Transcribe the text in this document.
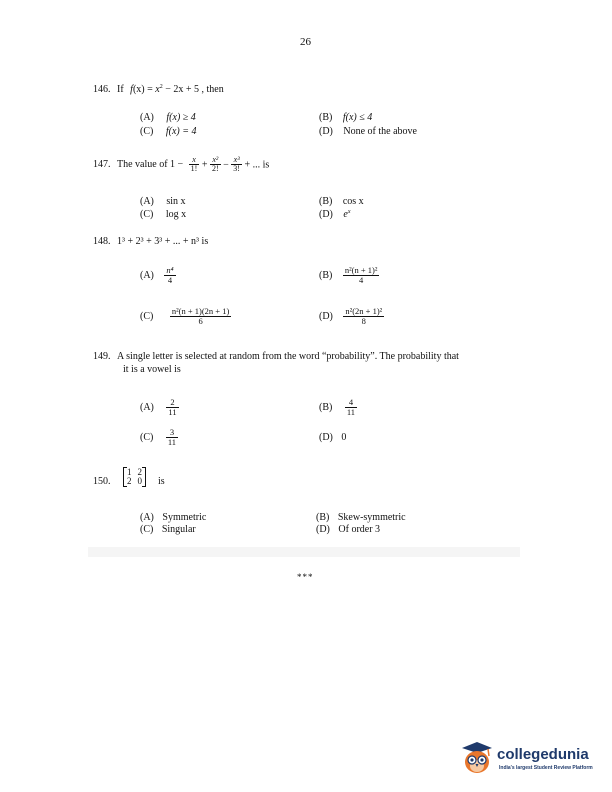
26
146. If $f(x) = x^2 - 2x + 5$ , then
(A) f(x) ≥ 4	(B) f(x) ≤ 4
(C) f(x) = 4	(D) None of the above
147. The value of $1 - \frac{x}{1!} + \frac{\text{x²}}{2!} - \frac{\text{x³}}{3!}$ + ... is
(A) sin x	(B) cos x
(C) log x	(D) $e^x$
148. 1³ + 2³ + 3³ + ... + n³ is
$(A) \frac{\text{n⁴}}{4}$	$(B) \frac{\text{n²(n + 1)²}}{4}$
$(C) \frac{\text{n²(n + 1)(2n + 1)}}{6}$	$(D) \frac{\text{n²(2n + 1)²}}{8}$
149. A single letter is selected at random from the word “probability”. The probability that
it is a vowel is
$(A) \frac{2}{11}$	$(B) \frac{4}{11}$
$(C) \frac{3}{11}$	(D) 0
150.
1	2
2	0 is
(A) Symmetric	(B) Skew-symmetric
(C) Singular	(D) Of order 3
***
collegedunia
India's largest Student Review Platform
